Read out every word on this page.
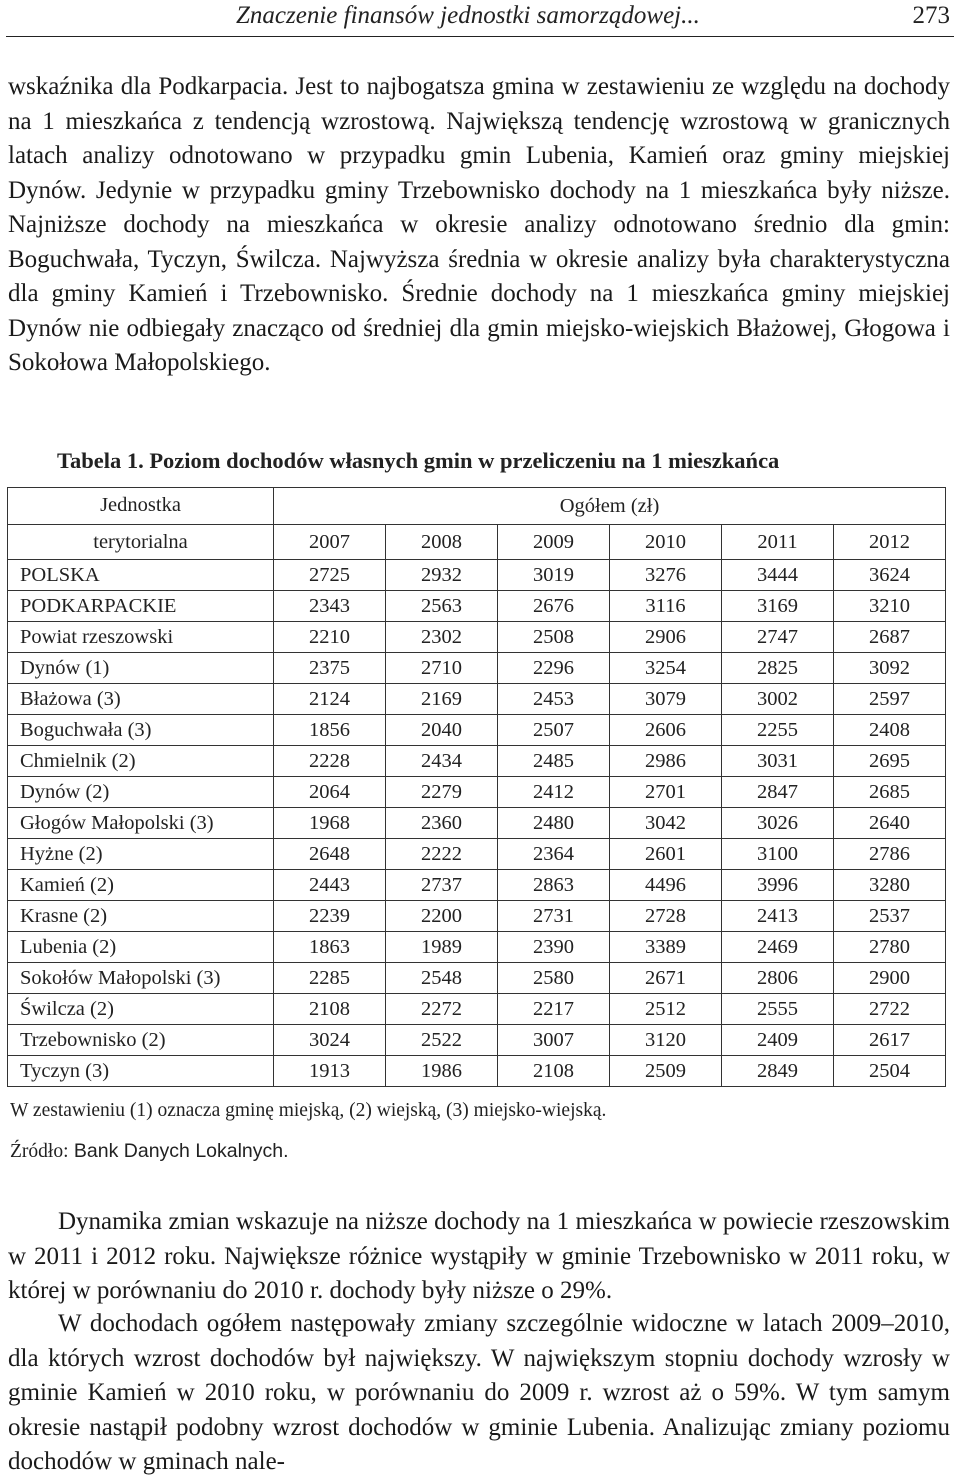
Znaczenie finansów jednostki samorządowej...	273

wskaźnika dla Podkarpacia. Jest to najbogatsza gmina w zestawieniu ze względu na dochody na 1 mieszkańca z tendencją wzrostową. Największą tendencję wzrostową w granicznych latach analizy odnotowano w przypadku gmin Lubenia, Kamień oraz gminy miejskiej Dynów. Jedynie w przypadku gminy Trzebownisko dochody na 1 mieszkańca były niższe. Najniższe dochody na mieszkańca w okresie analizy odnotowano średnio dla gmin: Boguchwała, Tyczyn, Świlcza. Najwyższa średnia w okresie analizy była charakterystyczna dla gminy Kamień i Trzebownisko. Średnie dochody na 1 mieszkańca gminy miejskiej Dynów nie odbiegały znacząco od średniej dla gmin miejsko-wiejskich Błażowej, Głogowa i Sokołowa Małopolskiego.

Tabela 1. Poziom dochodów własnych gmin w przeliczeniu na 1 mieszkańca

Jednostka	Ogółem (zł)					
terytorialna	2007	2008	2009	2010	2011	2012
POLSKA	2725	2932	3019	3276	3444	3624
PODKARPACKIE	2343	2563	2676	3116	3169	3210
Powiat rzeszowski	2210	2302	2508	2906	2747	2687
Dynów (1)	2375	2710	2296	3254	2825	3092
Błażowa (3)	2124	2169	2453	3079	3002	2597
Boguchwała (3)	1856	2040	2507	2606	2255	2408
Chmielnik (2)	2228	2434	2485	2986	3031	2695
Dynów (2)	2064	2279	2412	2701	2847	2685
Głogów Małopolski (3)	1968	2360	2480	3042	3026	2640
Hyżne (2)	2648	2222	2364	2601	3100	2786
Kamień (2)	2443	2737	2863	4496	3996	3280
Krasne (2)	2239	2200	2731	2728	2413	2537
Lubenia (2)	1863	1989	2390	3389	2469	2780
Sokołów Małopolski (3)	2285	2548	2580	2671	2806	2900
Świlcza (2)	2108	2272	2217	2512	2555	2722
Trzebownisko (2)	3024	2522	3007	3120	2409	2617
Tyczyn (3)	1913	1986	2108	2509	2849	2504

W zestawieniu (1) oznacza gminę miejską, (2) wiejską, (3) miejsko-wiejską.

Źródło: Bank Danych Lokalnych.

Dynamika zmian wskazuje na niższe dochody na 1 mieszkańca w powiecie rzeszowskim w 2011 i 2012 roku. Największe różnice wystąpiły w gminie Trzebownisko w 2011 roku, w której w porównaniu do 2010 r. dochody były niższe o 29%.

W dochodach ogółem następowały zmiany szczególnie widoczne w latach 2009–2010, dla których wzrost dochodów był największy. W największym stopniu dochody wzrosły w gminie Kamień w 2010 roku, w porównaniu do 2009 r. wzrost aż o 59%. W tym samym okresie nastąpił podobny wzrost dochodów w gminie Lubenia. Analizując zmiany poziomu dochodów w gminach nale-
